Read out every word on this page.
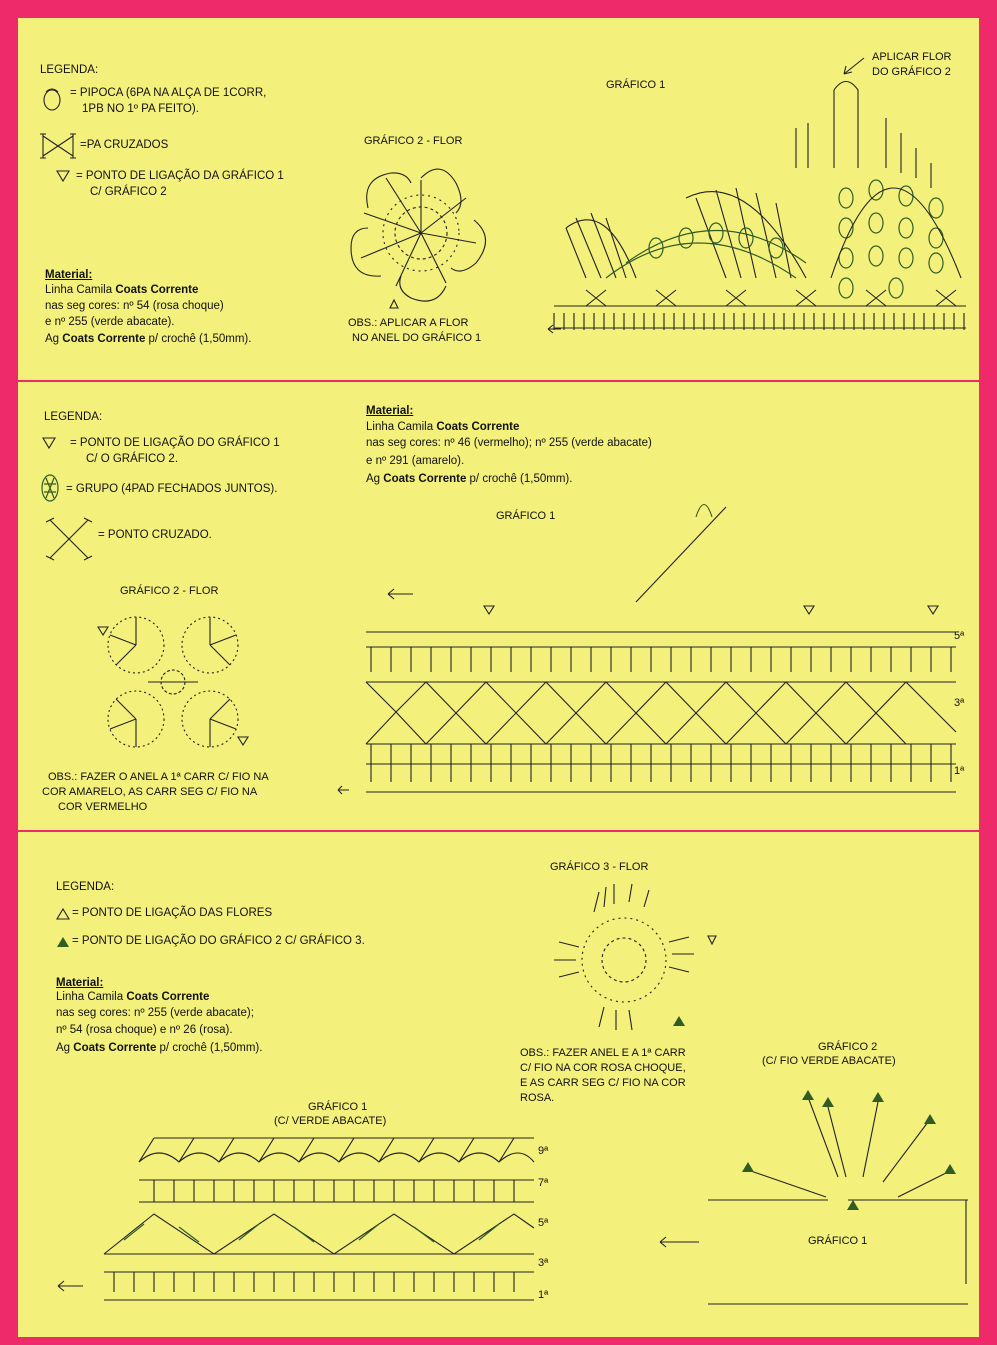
LEGENDA:
= PIPOCA (6PA NA ALÇA DE 1CORR,
1PB NO 1º PA FEITO).
=PA CRUZADOS
= PONTO DE LIGAÇÃO DA GRÁFICO 1
C/ GRÁFICO 2
Material:
Linha Camila Coats Corrente
nas seg cores: nº 54 (rosa choque)
e nº 255 (verde abacate).
Ag Coats Corrente p/ crochê (1,50mm).
GRÁFICO 2 - FLOR
GRÁFICO 1
APLICAR FLOR
DO GRÁFICO 2
OBS.: APLICAR A FLOR
NO ANEL DO GRÁFICO 1
LEGENDA:
= PONTO DE LIGAÇÃO DO GRÁFICO 1
C/ O GRÁFICO 2.
= GRUPO (4PAD FECHADOS JUNTOS).
= PONTO CRUZADO.
Material:
Linha Camila Coats Corrente
nas seg cores: nº 46 (vermelho); nº 255 (verde abacate)
e nº 291 (amarelo).
Ag Coats Corrente p/ crochê (1,50mm).
GRÁFICO 1
GRÁFICO 2 - FLOR
OBS.: FAZER O ANEL A 1ª CARR C/ FIO NA
COR AMARELO, AS CARR SEG C/ FIO NA
COR VERMELHO
5ª
3ª
1ª
LEGENDA:
= PONTO DE LIGAÇÃO DAS FLORES
= PONTO DE LIGAÇÃO DO GRÁFICO 2 C/ GRÁFICO 3.
Material:
Linha Camila Coats Corrente
nas seg cores: nº 255 (verde abacate);
nº 54 (rosa choque) e nº 26 (rosa).
Ag Coats Corrente p/ crochê (1,50mm).
GRÁFICO 3 - FLOR
OBS.: FAZER ANEL E A 1ª CARR
C/ FIO NA COR ROSA CHOQUE,
E AS CARR SEG C/ FIO NA COR
ROSA.
GRÁFICO 1
(C/ VERDE ABACATE)
9ª
7ª
5ª
3ª
1ª
GRÁFICO 2
(C/ FIO VERDE ABACATE)
GRÁFICO 1
